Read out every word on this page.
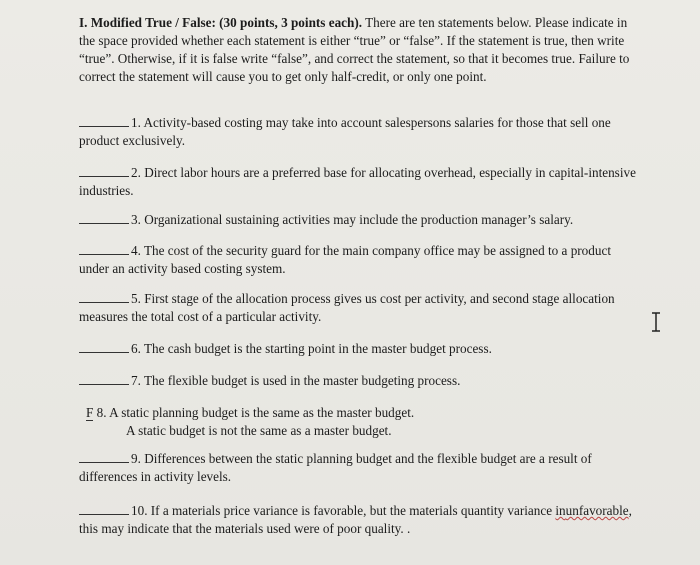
I. Modified True / False: (30 points, 3 points each). There are ten statements below. Please indicate in the space provided whether each statement is either “true” or “false”. If the statement is true, then write “true”. Otherwise, if it is false write “false”, and correct the statement, so that it becomes true. Failure to correct the statement will cause you to get only half-credit, or only one point.
1. Activity-based costing may take into account salespersons salaries for those that sell one product exclusively.
2. Direct labor hours are a preferred base for allocating overhead, especially in capital-intensive industries.
3. Organizational sustaining activities may include the production manager’s salary.
4. The cost of the security guard for the main company office may be assigned to a product under an activity based costing system.
5. First stage of the allocation process gives us cost per activity, and second stage allocation measures the total cost of a particular activity.
6. The cash budget is the starting point in the master budget process.
7. The flexible budget is used in the master budgeting process.
F 8. A static planning budget is the same as the master budget.
A static budget is not the same as a master budget.
9. Differences between the static planning budget and the flexible budget are a result of differences in activity levels.
10. If a materials price variance is favorable, but the materials quantity variance inunfavorable, this may indicate that the materials used were of poor quality. .
